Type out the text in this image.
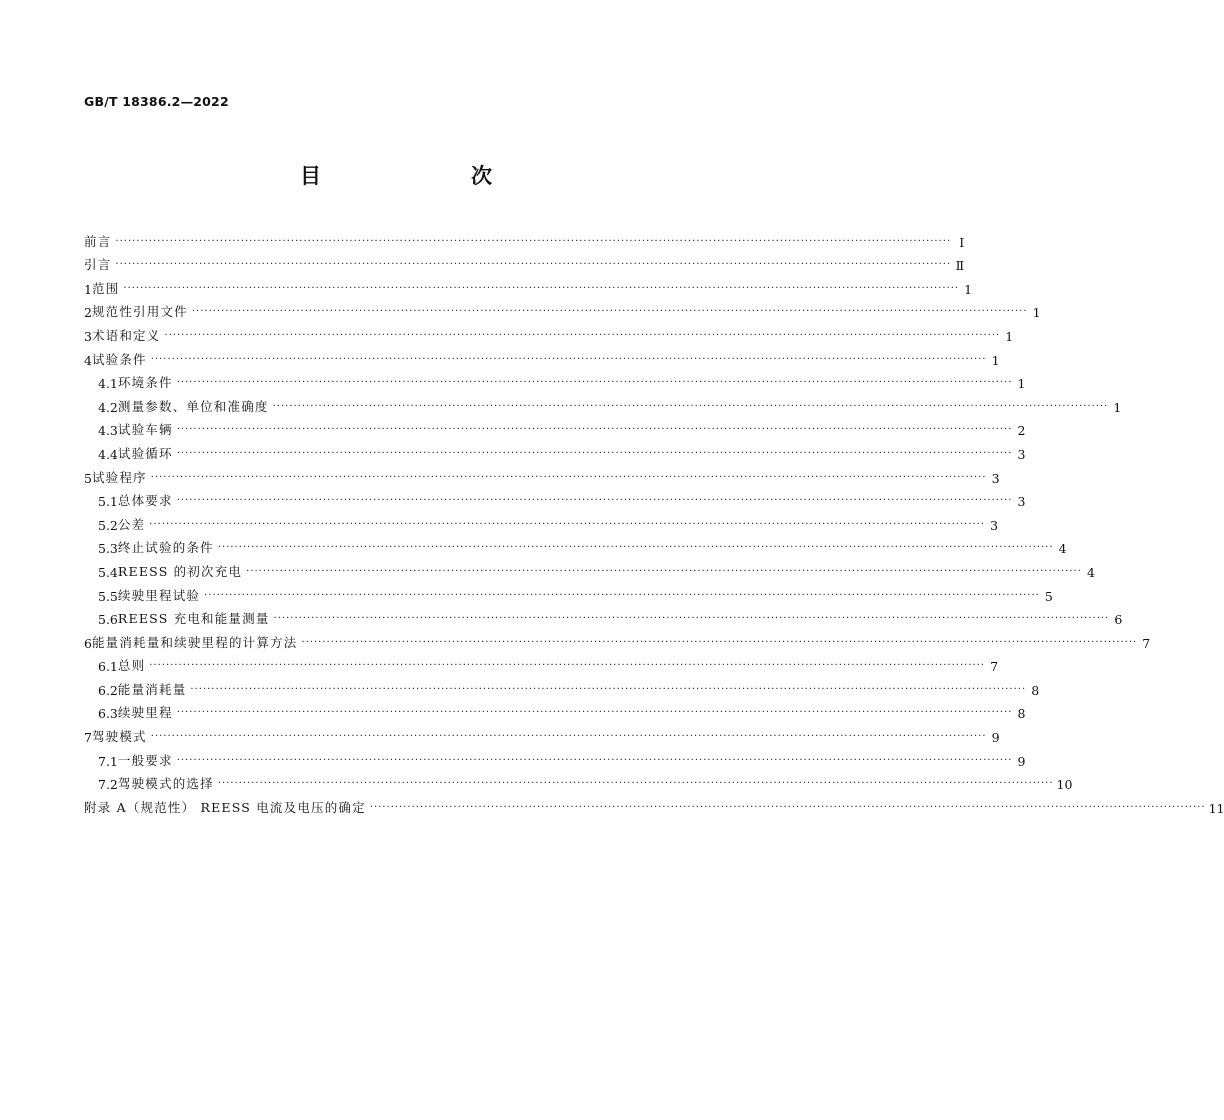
GB/T 18386.2—2022
目　　次
前言 ········································································································································································································ Ⅰ
引言 ········································································································································································································ Ⅱ
1 范围 ········································································································································································································ 1
2 规范性引用文件 ········································································································································································································ 1
3 术语和定义 ········································································································································································································ 1
4 试验条件 ········································································································································································································ 1
4.1 环境条件 ········································································································································································································ 1
4.2 测量参数、单位和准确度 ········································································································································································································ 1
4.3 试验车辆 ········································································································································································································ 2
4.4 试验循环 ········································································································································································································ 3
5 试验程序 ········································································································································································································ 3
5.1 总体要求 ········································································································································································································ 3
5.2 公差 ········································································································································································································ 3
5.3 终止试验的条件 ········································································································································································································ 4
5.4 REESS 的初次充电 ········································································································································································································ 4
5.5 续驶里程试验 ········································································································································································································ 5
5.6 REESS 充电和能量测量 ········································································································································································································ 6
6 能量消耗量和续驶里程的计算方法 ········································································································································································································ 7
6.1 总则 ········································································································································································································ 7
6.2 能量消耗量 ········································································································································································································ 8
6.3 续驶里程 ········································································································································································································ 8
7 驾驶模式 ········································································································································································································ 9
7.1 一般要求 ········································································································································································································ 9
7.2 驾驶模式的选择 ········································································································································································································ 10
附录 A（规范性） REESS 电流及电压的确定 ········································································································································································································ 11
